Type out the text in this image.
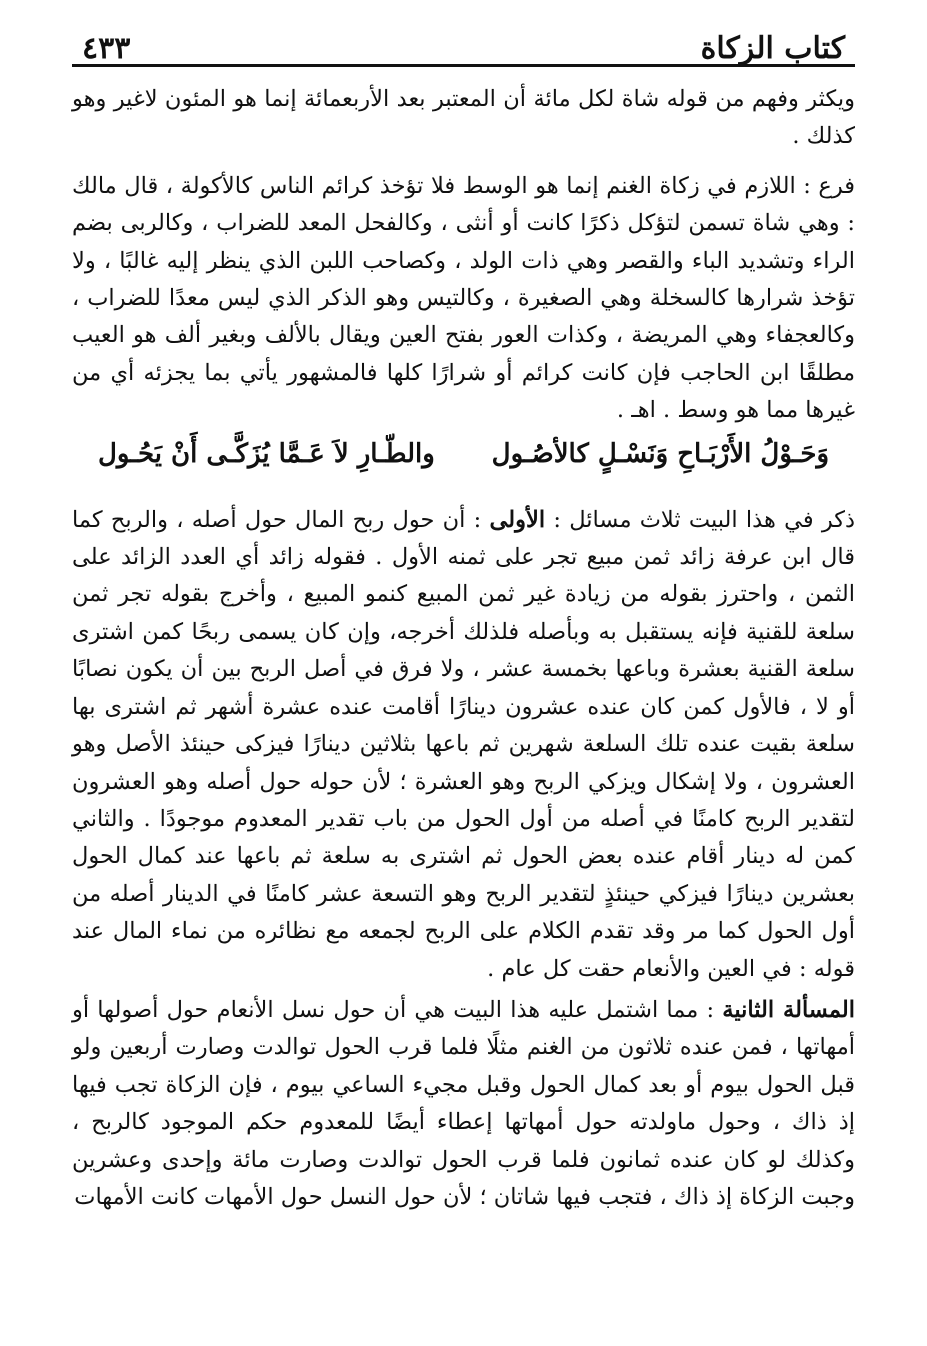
كتاب الزكاة
٤٣٣

ويكثر وفهم من قوله شاة لكل مائة أن المعتبر بعد الأربعمائة إنما هو المئون لاغير وهو كذلك .

فرع : اللازم في زكاة الغنم إنما هو الوسط فلا تؤخذ كرائم الناس كالأكولة ، قال مالك : وهي شاة تسمن لتؤكل ذكرًا كانت أو أنثى ، وكالفحل المعد للضراب ، وكالربى بضم الراء وتشديد الباء والقصر وهي ذات الولد ، وكصاحب اللبن الذي ينظر إليه غالبًا ، ولا تؤخذ شرارها كالسخلة وهي الصغيرة ، وكالتيس وهو الذكر الذي ليس معدًا للضراب ، وكالعجفاء وهي المريضة ، وكذات العور بفتح العين ويقال بالألف وبغير ألف هو العيب مطلقًا ابن الحاجب فإن كانت كرائم أو شرارًا كلها فالمشهور يأتي بما يجزئه أي من غيرها مما هو وسط . اهـ .

وَحَـوْلُ الأَرْبَـاحِ وَنَسْـلٍ كالأصُـول
والطّـارِ لاَ عَـمَّا يُزَكَّـى أَنْ يَحُـول

ذكر في هذا البيت ثلاث مسائل : الأولى : أن حول ربح المال حول أصله ، والربح كما قال ابن عرفة زائد ثمن مبيع تجر على ثمنه الأول . فقوله زائد أي العدد الزائد على الثمن ، واحترز بقوله من زيادة غير ثمن المبيع كنمو المبيع ، وأخرج بقوله تجر ثمن سلعة للقنية فإنه يستقبل به وبأصله فلذلك أخرجه، وإن كان يسمى ربحًا كمن اشترى سلعة القنية بعشرة وباعها بخمسة عشر ، ولا فرق في أصل الربح بين أن يكون نصابًا أو لا ، فالأول كمن كان عنده عشرون دينارًا أقامت عنده عشرة أشهر ثم اشترى بها سلعة بقيت عنده تلك السلعة شهرين ثم باعها بثلاثين دينارًا فيزكى حينئذ الأصل وهو العشرون ، ولا إشكال ويزكي الربح وهو العشرة ؛ لأن حوله حول أصله وهو العشرون لتقدير الربح كامنًا في أصله من أول الحول من باب تقدير المعدوم موجودًا . والثاني كمن له دينار أقام عنده بعض الحول ثم اشترى به سلعة ثم باعها عند كمال الحول بعشرين دينارًا فيزكي حينئذٍ لتقدير الربح وهو التسعة عشر كامنًا في الدينار أصله من أول الحول كما مر وقد تقدم الكلام على الربح لجمعه مع نظائره من نماء المال عند قوله : في العين والأنعام حقت كل عام .

المسألة الثانية : مما اشتمل عليه هذا البيت هي أن حول نسل الأنعام حول أصولها أو أمهاتها ، فمن عنده ثلاثون من الغنم مثلًا فلما قرب الحول توالدت وصارت أربعين ولو قبل الحول بيوم أو بعد كمال الحول وقبل مجيء الساعي بيوم ، فإن الزكاة تجب فيها إذ ذاك ، وحول ماولدته حول أمهاتها إعطاء أيضًا للمعدوم حكم الموجود كالربح ، وكذلك لو كان عنده ثمانون فلما قرب الحول توالدت وصارت مائة وإحدى وعشرين وجبت الزكاة إذ ذاك ، فتجب فيها شاتان ؛ لأن حول النسل حول الأمهات كانت الأمهات
